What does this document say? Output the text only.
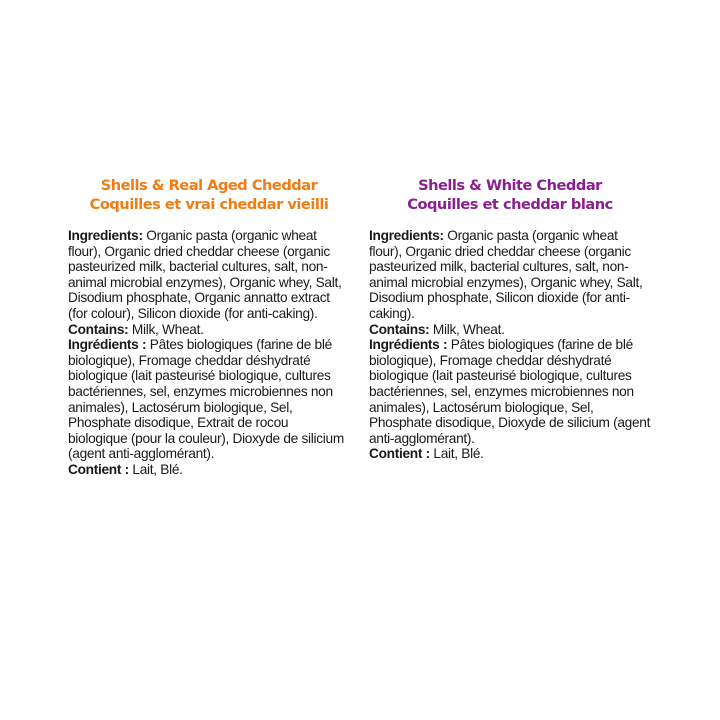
Shells & Real Aged Cheddar
Coquilles et vrai cheddar vieilli

Ingredients: Organic pasta (organic wheat flour), Organic dried cheddar cheese (organic pasteurized milk, bacterial cultures, salt, non-animal microbial enzymes), Organic whey, Salt, Disodium phosphate, Organic annatto extract (for colour), Silicon dioxide (for anti-caking).

Contains: Milk, Wheat.

Ingrédients : Pâtes biologiques (farine de blé biologique), Fromage cheddar déshydraté biologique (lait pasteurisé biologique, cultures bactériennes, sel, enzymes microbiennes non animales), Lactosérum biologique, Sel, Phosphate disodique, Extrait de rocou biologique (pour la couleur), Dioxyde de silicium (agent anti-agglomérant).

Contient : Lait, Blé.

Shells & White Cheddar
Coquilles et cheddar blanc

Ingredients: Organic pasta (organic wheat flour), Organic dried cheddar cheese (organic pasteurized milk, bacterial cultures, salt, non-animal microbial enzymes), Organic whey, Salt, Disodium phosphate, Silicon dioxide (for anti-caking).

Contains: Milk, Wheat.

Ingrédients : Pâtes biologiques (farine de blé biologique), Fromage cheddar déshydraté biologique (lait pasteurisé biologique, cultures bactériennes, sel, enzymes microbiennes non animales), Lactosérum biologique, Sel, Phosphate disodique, Dioxyde de silicium (agent anti-agglomérant).

Contient : Lait, Blé.
